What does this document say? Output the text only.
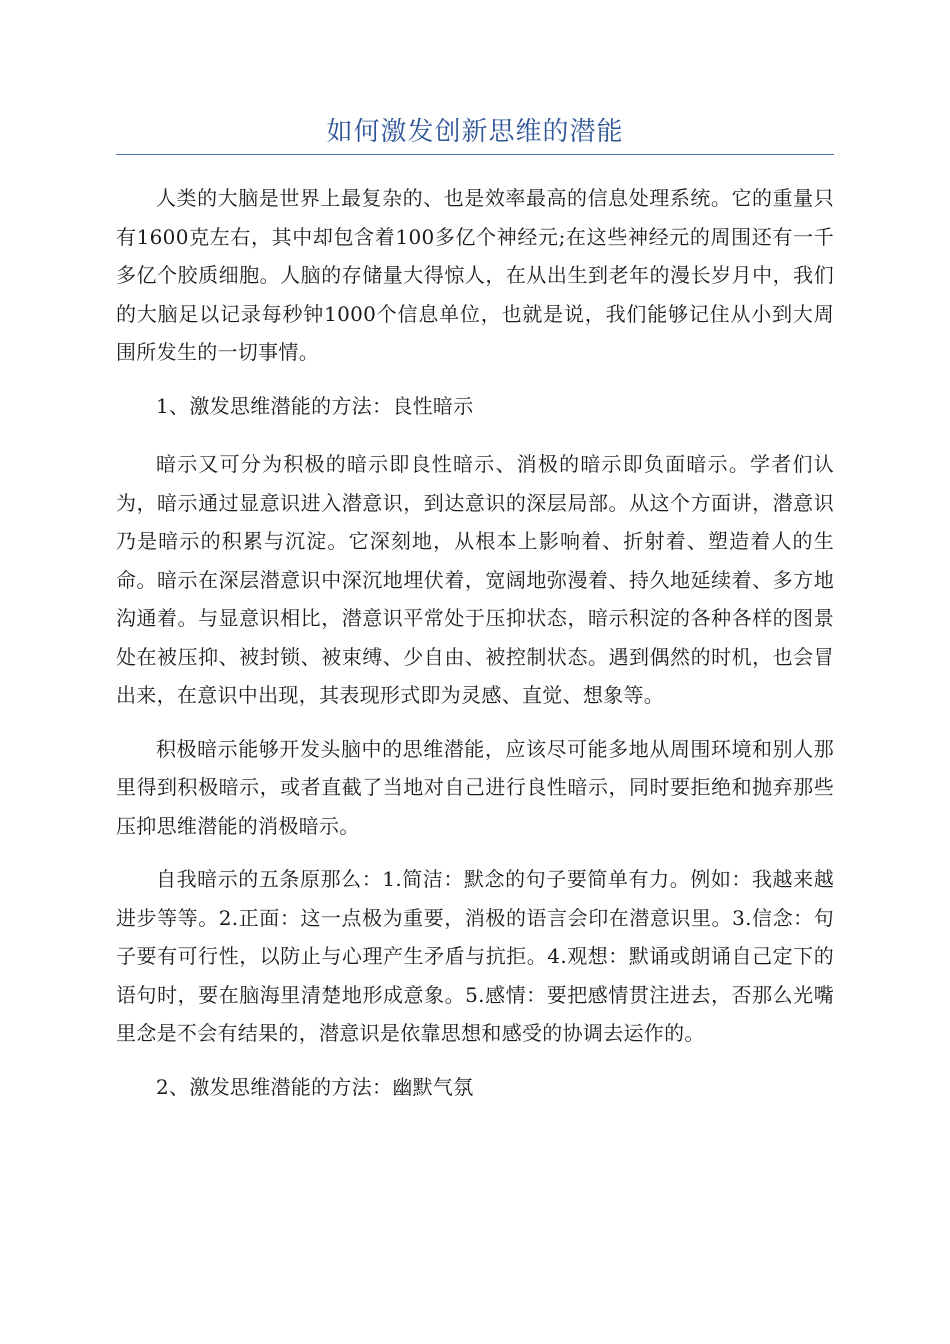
如何激发创新思维的潜能

人类的大脑是世界上最复杂的、也是效率最高的信息处理系统。它的重量只有1600克左右，其中却包含着100多亿个神经元;在这些神经元的周围还有一千多亿个胶质细胞。人脑的存储量大得惊人，在从出生到老年的漫长岁月中，我们的大脑足以记录每秒钟1000个信息单位，也就是说，我们能够记住从小到大周围所发生的一切事情。

1、激发思维潜能的方法：良性暗示

暗示又可分为积极的暗示即良性暗示、消极的暗示即负面暗示。学者们认为，暗示通过显意识进入潜意识，到达意识的深层局部。从这个方面讲，潜意识乃是暗示的积累与沉淀。它深刻地，从根本上影响着、折射着、塑造着人的生命。暗示在深层潜意识中深沉地埋伏着，宽阔地弥漫着、持久地延续着、多方地沟通着。与显意识相比，潜意识平常处于压抑状态，暗示积淀的各种各样的图景处在被压抑、被封锁、被束缚、少自由、被控制状态。遇到偶然的时机，也会冒出来，在意识中出现，其表现形式即为灵感、直觉、想象等。

积极暗示能够开发头脑中的思维潜能，应该尽可能多地从周围环境和别人那里得到积极暗示，或者直截了当地对自己进行良性暗示，同时要拒绝和抛弃那些压抑思维潜能的消极暗示。

自我暗示的五条原那么：1.简洁：默念的句子要简单有力。例如：我越来越进步等等。2.正面：这一点极为重要，消极的语言会印在潜意识里。3.信念：句子要有可行性，以防止与心理产生矛盾与抗拒。4.观想：默诵或朗诵自己定下的语句时，要在脑海里清楚地形成意象。5.感情：要把感情贯注进去，否那么光嘴里念是不会有结果的，潜意识是依靠思想和感受的协调去运作的。

2、激发思维潜能的方法：幽默气氛
